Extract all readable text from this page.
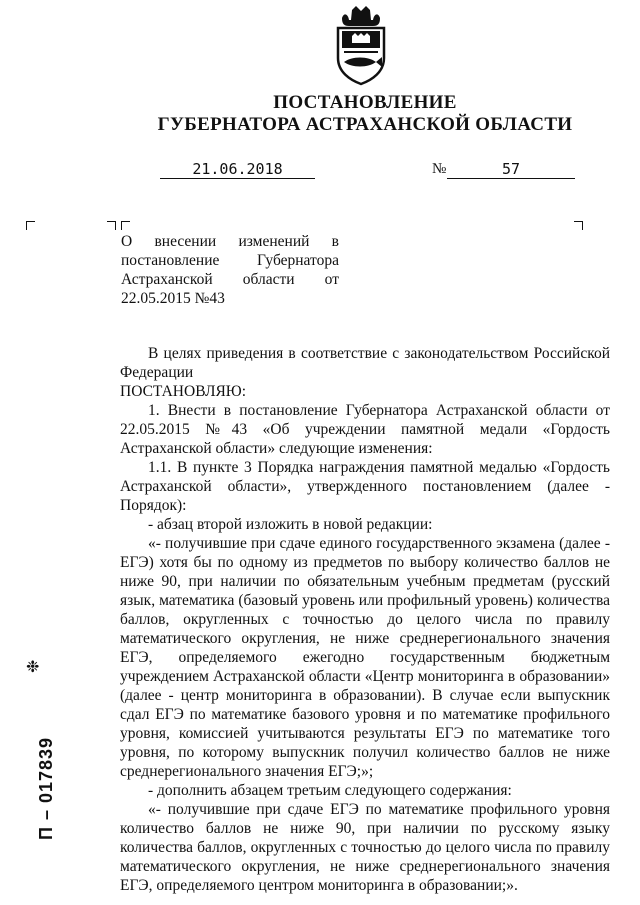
ПОСТАНОВЛЕНИЕ
ГУБЕРНАТОРА АСТРАХАНСКОЙ ОБЛАСТИ
21.06.2018	№	57

О внесении изменений в постановление Губернатора Астраханской области от 22.05.2015 №43

В целях приведения в соответствие с законодательством Российской Федерации

ПОСТАНОВЛЯЮ:

1. Внести в постановление Губернатора Астраханской области от 22.05.2015 №43 «Об учреждении памятной медали «Гордость Астраханской области» следующие изменения:

1.1. В пункте 3 Порядка награждения памятной медалью «Гордость Астраханской области», утвержденного постановлением (далее - Порядок):

- абзац второй изложить в новой редакции:

«- получившие при сдаче единого государственного экзамена (далее - ЕГЭ) хотя бы по одному из предметов по выбору количество баллов не ниже 90, при наличии по обязательным учебным предметам (русский язык, математика (базовый уровень или профильный уровень) количества баллов, округленных с точностью до целого числа по правилу математического округления, не ниже среднерегионального значения ЕГЭ, определяемого ежегодно государственным бюджетным учреждением Астраханской области «Центр мониторинга в образовании» (далее - центр мониторинга в образовании). В случае если выпускник сдал ЕГЭ по математике базового уровня и по математике профильного уровня, комиссией учитываются результаты ЕГЭ по математике того уровня, по которому выпускник получил количество баллов не ниже среднерегионального значения ЕГЭ;»;

- дополнить абзацем третьим следующего содержания:

«- получившие при сдаче ЕГЭ по математике профильного уровня количество баллов не ниже 90, при наличии по русскому языку количества баллов, округленных с точностью до целого числа по правилу математического округления, не ниже среднерегионального значения ЕГЭ, определяемого центром мониторинга в образовании;».

П – 017839
❉
